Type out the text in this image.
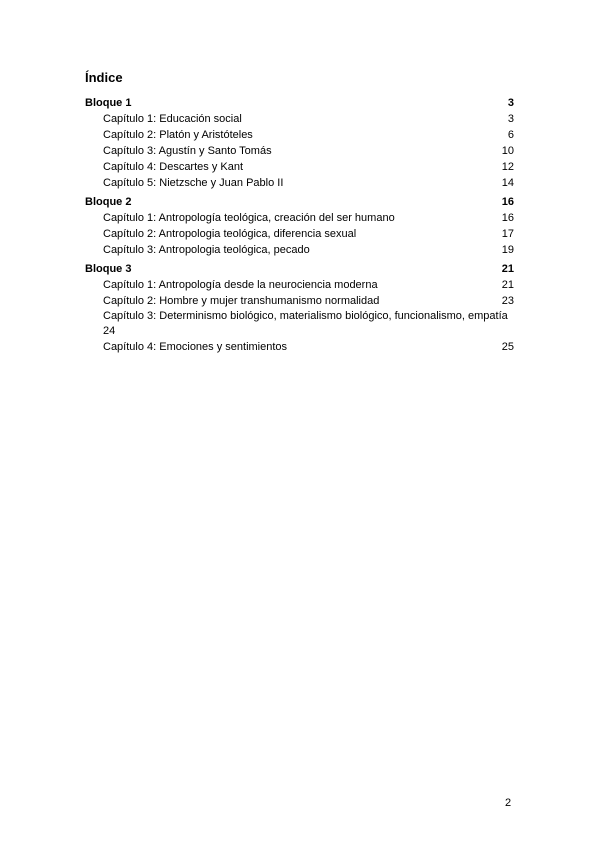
Índice
Bloque 1	3
Capítulo 1: Educación social	3
Capítulo 2: Platón y Aristóteles	6
Capítulo 3: Agustín y Santo Tomás	10
Capítulo 4: Descartes y Kant	12
Capítulo 5: Nietzsche y Juan Pablo II	14
Bloque 2	16
Capítulo 1: Antropología teológica, creación del ser humano	16
Capítulo 2: Antropologia teológica, diferencia sexual	17
Capítulo 3: Antropologia teológica, pecado	19
Bloque 3	21
Capítulo 1: Antropología desde la neurociencia moderna	21
Capítulo 2: Hombre y mujer transhumanismo normalidad	23
Capítulo 3: Determinismo biológico, materialismo biológico, funcionalismo, empatía
24
Capítulo 4: Emociones y sentimientos	25
2
